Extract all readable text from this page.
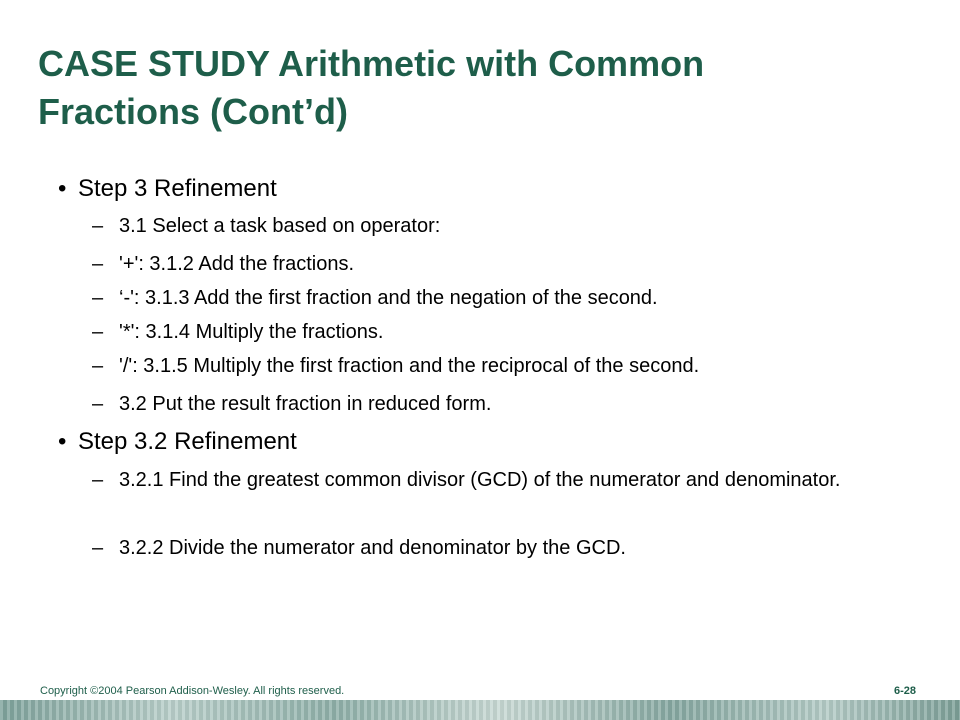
CASE STUDY Arithmetic with Common
Fractions (Cont’d)
• Step 3 Refinement
– 3.1 Select a task based on operator:
– '+': 3.1.2 Add the fractions.
– ‘-': 3.1.3 Add the first fraction and the negation of the second.
– '*': 3.1.4 Multiply the fractions.
– '/': 3.1.5 Multiply the first fraction and the reciprocal of the second.
– 3.2 Put the result fraction in reduced form.
• Step 3.2 Refinement
– 3.2.1 Find the greatest common divisor (GCD) of the numerator and denominator.
– 3.2.2 Divide the numerator and denominator by the GCD.
Copyright ©2004 Pearson Addison-Wesley. All rights reserved.	6-28
